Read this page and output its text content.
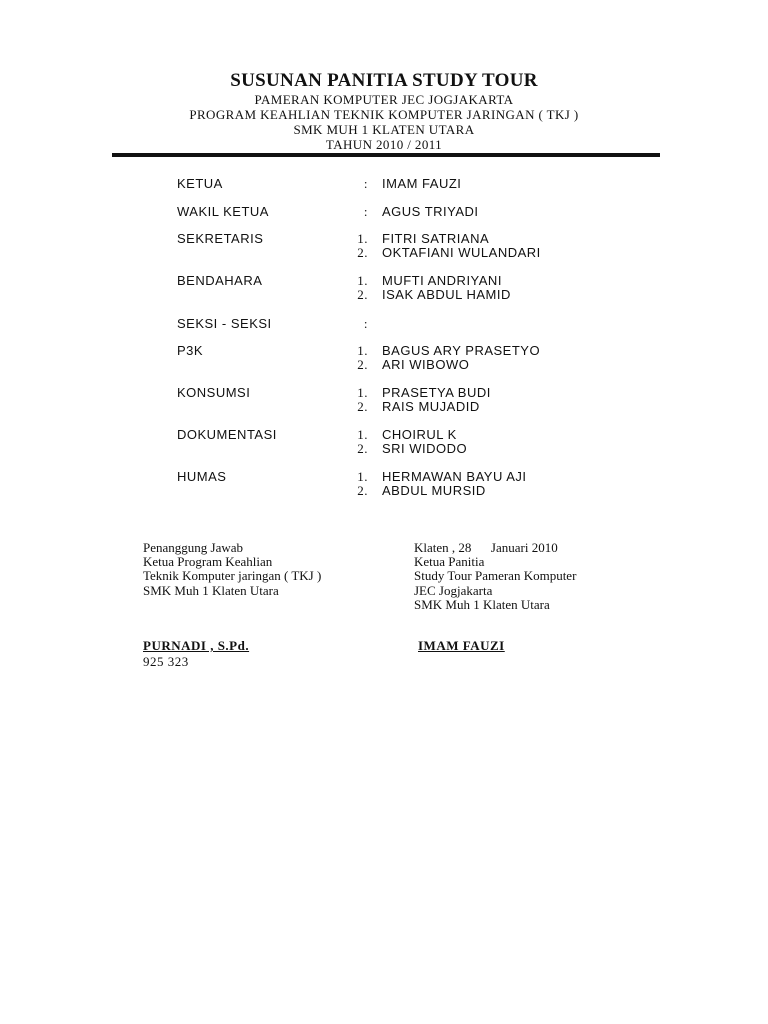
SUSUNAN PANITIA STUDY TOUR
PAMERAN KOMPUTER JEC JOGJAKARTA
PROGRAM KEAHLIAN TEKNIK KOMPUTER JARINGAN ( TKJ )
SMK MUH 1 KLATEN UTARA
TAHUN 2010 / 2011
KETUA	: IMAM FAUZI
WAKIL KETUA	: AGUS TRIYADI
SEKRETARIS	1. FITRI SATRIANA
2. OKTAFIANI WULANDARI
BENDAHARA	1. MUFTI ANDRIYANI
2. ISAK ABDUL HAMID
SEKSI - SEKSI	:
P3K	1. BAGUS ARY PRASETYO
2. ARI WIBOWO
KONSUMSI	1. PRASETYA BUDI
2. RAIS MUJADID
DOKUMENTASI	1. CHOIRUL K
2. SRI WIDODO
HUMAS	1. HERMAWAN BAYU AJI
2. ABDUL MURSID
Penanggung Jawab
Ketua Program Keahlian
Teknik Komputer jaringan ( TKJ )
SMK Muh 1 Klaten Utara
Klaten , 28      Januari 2010
Ketua Panitia
Study Tour Pameran Komputer
JEC Jogjakarta
SMK Muh 1 Klaten Utara
PURNADI , S.Pd.	IMAM FAUZI
925 323
